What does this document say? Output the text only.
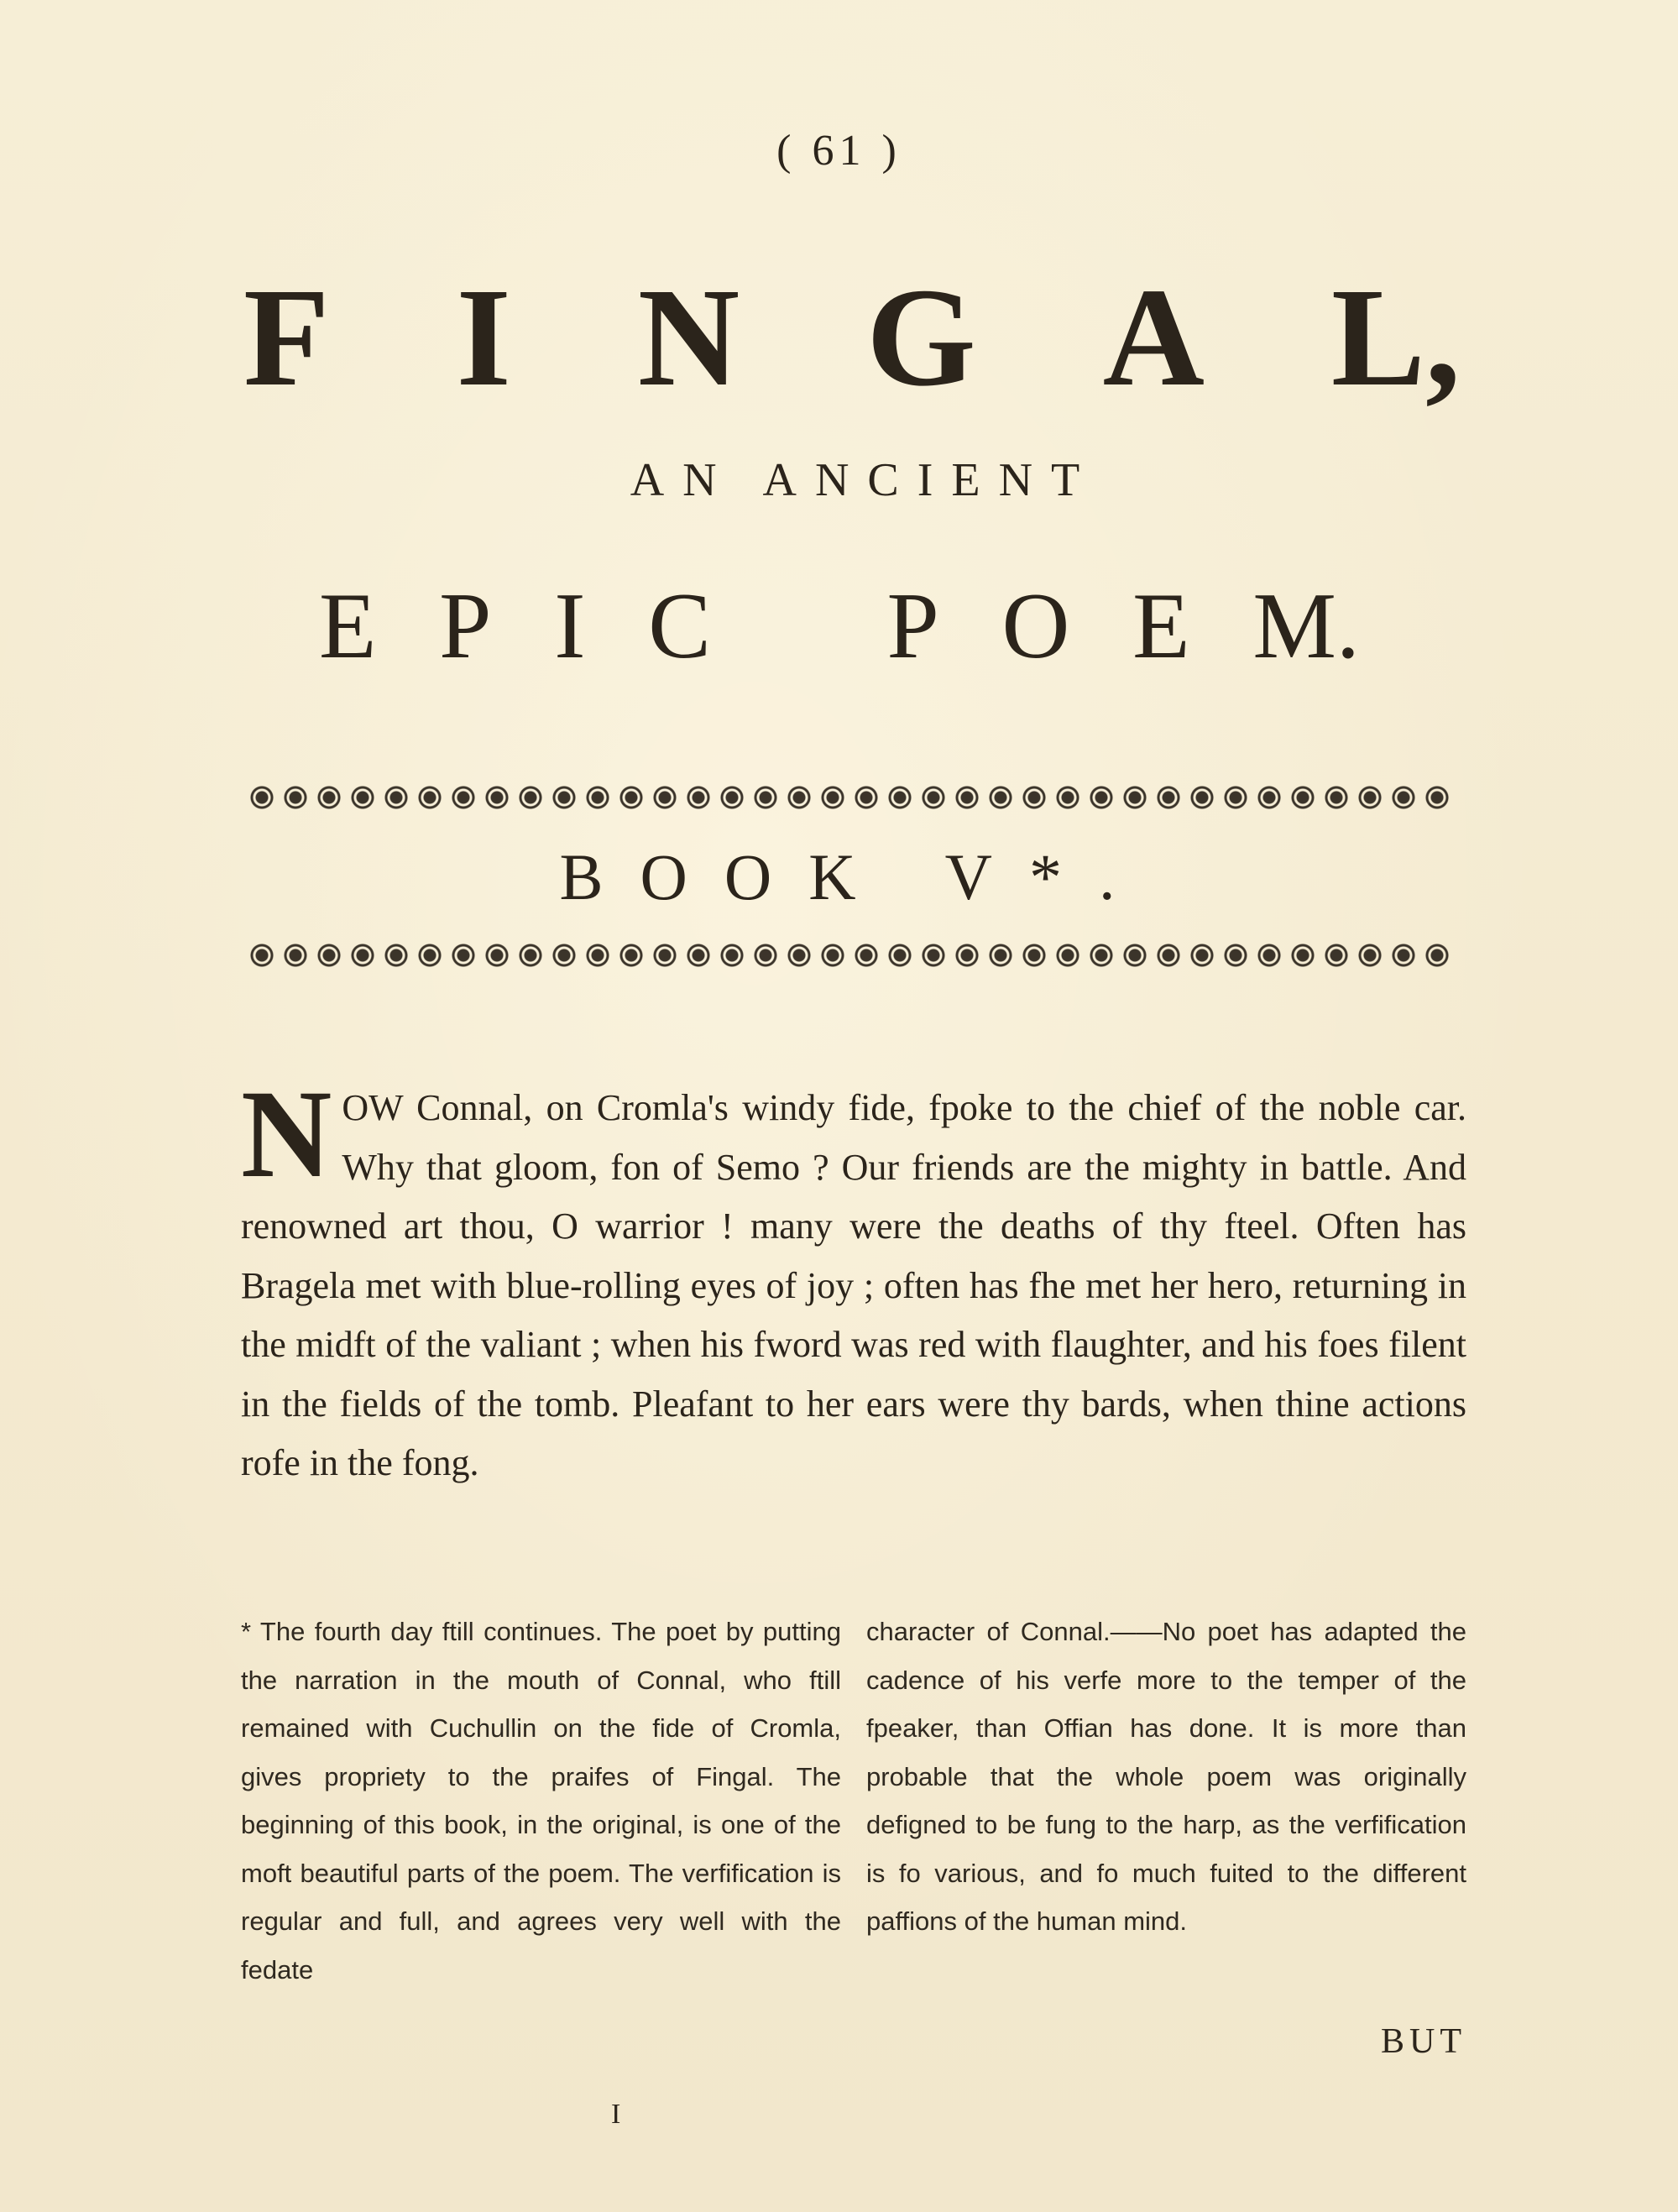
( 61 )
F I N G A L,
AN ANCIENT
E P I C P O E M.
BOOK V*.
N OW Connal, on Cromla's windy fide, fpoke to the chief of the noble car. Why that gloom, fon of Semo ? Our friends are the mighty in battle. And renowned art thou, O warrior ! many were the deaths of thy fteel. Often has Bragela met with blue-rolling eyes of joy ; often has fhe met her hero, returning in the midft of the valiant ; when his fword was red with flaughter, and his foes filent in the fields of the tomb. Pleafant to her ears were thy bards, when thine actions rofe in the fong.
* The fourth day ftill continues. The poet by putting the narration in the mouth of Connal, who ftill remained with Cuchullin on the fide of Cromla, gives propriety to the praifes of Fingal. The beginning of this book, in the original, is one of the moft beautiful parts of the poem. The verfification is regular and full, and agrees very well with the fedate
character of Connal.——No poet has adapted the cadence of his verfe more to the temper of the fpeaker, than Offian has done. It is more than probable that the whole poem was originally defigned to be fung to the harp, as the verfification is fo various, and fo much fuited to the different paffions of the human mind.
BUT
I
